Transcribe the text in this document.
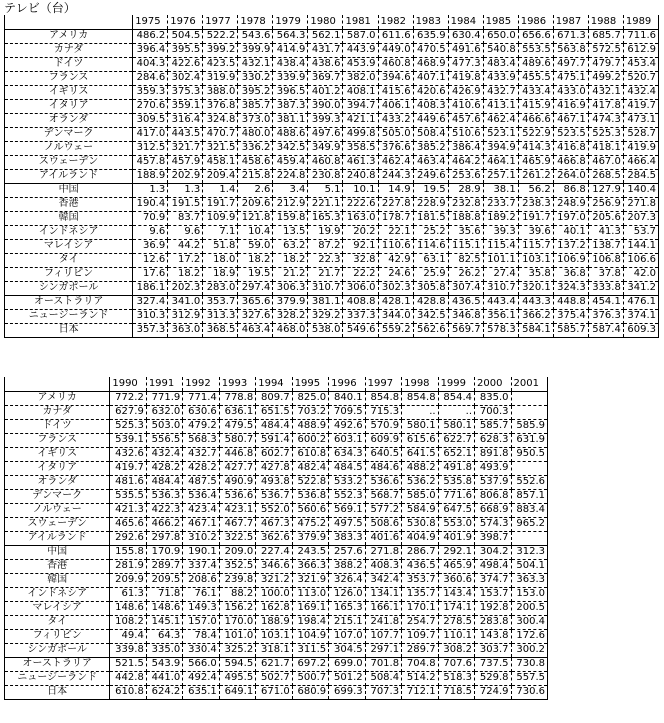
テレビ（台）
	1975	1976	1977	1978	1979	1980	1981	1982	1983	1984	1985	1986	1987	1988	1989
アメリカ	486.2	504.5	522.2	543.6	564.3	562.1	587.0	611.6	635.9	630.4	650.0	656.6	671.3	685.7	711.6
カナダ	396.4	395.5	399.2	399.9	414.9	431.7	443.9	449.0	470.5	491.6	540.8	553.5	563.8	572.5	612.9
ドイツ	404.3	422.6	423.5	432.1	438.4	438.6	453.9	460.8	468.9	477.3	483.4	489.6	497.7	479.7	453.4
フランス	284.6	302.4	319.9	330.2	339.9	369.7	382.0	394.6	407.1	419.8	433.9	455.5	475.1	499.2	520.7
イギリス	359.3	375.3	388.0	395.2	396.5	401.2	408.1	415.6	420.6	426.9	432.7	433.4	433.0	432.1	432.4
イタリア	270.6	359.1	376.8	385.7	387.3	390.0	394.7	406.1	408.3	410.6	413.1	415.9	416.9	417.8	419.7
オランダ	309.5	316.4	324.8	373.0	381.1	399.3	421.1	433.2	449.6	457.6	462.4	466.6	467.1	474.3	473.1
デンマーク	417.0	443.5	470.7	480.0	488.6	497.6	499.8	505.0	508.4	510.6	523.1	522.9	523.5	525.3	528.7
ノルウェー	312.5	321.7	321.5	336.2	342.5	349.9	358.5	376.6	385.2	386.4	394.9	414.3	416.8	418.1	419.9
スウェーデン	457.8	457.9	458.1	458.6	459.4	460.8	461.3	462.4	463.4	464.2	464.1	465.9	466.8	467.0	466.4
アイルランド	188.9	202.9	209.4	215.8	224.8	230.8	240.8	244.3	249.6	253.6	257.1	261.2	264.0	268.5	284.5
中国	1.3	1.3	1.4	2.6	3.4	5.1	10.1	14.9	19.5	28.9	38.1	56.2	86.8	127.9	140.4
香港	190.4	191.5	191.7	209.6	212.9	221.1	222.6	227.8	228.9	232.8	233.7	238.3	248.9	256.9	271.8
韓国	70.9	83.7	109.9	121.8	159.8	165.3	163.0	178.7	181.5	188.8	189.2	191.7	197.0	205.6	207.3
インドネシア	9.6	9.6	7.1	10.4	13.5	19.9	20.2	22.1	25.2	35.6	39.3	39.6	40.1	41.3	53.7
マレイシア	36.9	44.2	51.8	59.0	63.2	87.2	92.1	110.6	114.6	115.1	115.4	115.7	137.2	138.7	144.1
タイ	12.6	17.2	18.0	18.2	18.2	22.3	32.8	42.9	63.1	82.5	101.1	103.1	106.9	106.8	106.6
フィリピン	17.6	18.2	18.9	19.5	21.2	21.7	22.2	24.6	25.9	26.2	27.4	35.8	36.8	37.8	42.0
シンガポール	186.1	202.3	283.0	297.4	306.3	310.7	306.0	302.3	305.8	307.4	310.7	320.1	324.3	333.8	341.2
オーストラリア	327.4	341.0	353.7	365.6	379.9	381.1	408.8	428.1	428.8	436.5	443.4	443.3	448.8	454.1	476.1
ニュージーランド	310.3	312.9	313.3	327.6	328.2	329.2	337.3	344.0	342.5	346.8	356.1	366.2	375.4	376.3	374.1
日本	357.3	363.0	368.5	463.4	468.0	538.0	549.6	559.2	562.6	569.7	578.3	584.1	585.7	587.4	609.3
	1990	1991	1992	1993	1994	1995	1996	1997	1998	1999	2000	2001
アメリカ	772.2	771.9	771.4	778.8	809.7	825.0	840.1	854.8	854.8	854.4	835.0	
カナダ	627.9	632.0	630.6	636.1	651.5	703.2	709.5	715.3	..	..	700.3	
ドイツ	525.3	503.0	479.2	479.5	484.4	488.9	492.6	570.9	580.1	580.1	585.7	585.9
フランス	539.1	556.5	568.3	580.7	591.4	600.2	603.1	609.9	615.6	622.7	628.3	631.9
イギリス	432.6	432.4	432.7	446.8	602.7	610.8	634.3	640.5	641.5	652.1	891.8	950.5
イタリア	419.7	428.2	428.2	427.7	427.8	482.4	484.5	484.6	488.2	491.8	493.9	
オランダ	481.6	484.4	487.5	490.9	493.8	522.8	533.2	536.6	536.2	535.8	537.9	552.6
デンマーク	535.5	536.3	536.4	536.6	536.7	536.8	552.3	568.7	585.0	771.6	806.8	857.1
ノルウェー	421.3	422.3	423.4	423.1	552.0	560.6	569.1	577.2	584.9	647.5	668.9	883.4
スウェーデン	465.6	466.2	467.1	467.7	467.3	475.2	497.5	508.6	530.8	553.0	574.3	965.2
アイルランド	292.6	297.8	310.2	322.5	362.6	379.9	383.3	401.6	404.9	401.9	398.7	
中国	155.8	170.9	190.1	209.0	227.4	243.5	257.6	271.8	286.7	292.1	304.2	312.3
香港	281.9	289.7	337.4	352.5	346.6	366.3	388.2	408.3	436.5	465.9	498.4	504.1
韓国	209.9	209.5	208.6	239.8	321.2	321.9	326.4	342.4	353.7	360.6	374.7	363.3
インドネシア	61.3	71.8	76.1	88.2	100.0	113.0	126.0	134.1	135.7	143.4	153.7	153.0
マレイシア	148.6	148.6	149.3	156.2	162.8	169.1	165.3	166.1	170.1	174.1	192.8	200.5
タイ	108.2	145.1	157.0	170.0	188.9	198.4	215.1	241.8	254.7	278.5	283.8	300.4
フィリピン	49.4	64.3	78.4	101.0	103.1	104.9	107.0	107.7	109.7	110.1	143.8	172.6
シンガポール	339.8	335.0	330.4	325.2	318.1	311.5	304.5	297.1	289.7	308.2	303.7	300.2
オーストラリア	521.5	543.9	566.0	594.5	621.7	697.2	699.0	701.8	704.8	707.6	737.5	730.8
ニュージーランド	442.8	441.0	492.4	495.5	502.7	500.7	501.2	508.4	514.2	518.3	529.8	557.5
日本	610.8	624.2	635.1	649.1	671.0	680.9	699.3	707.3	712.1	718.5	724.9	730.6
